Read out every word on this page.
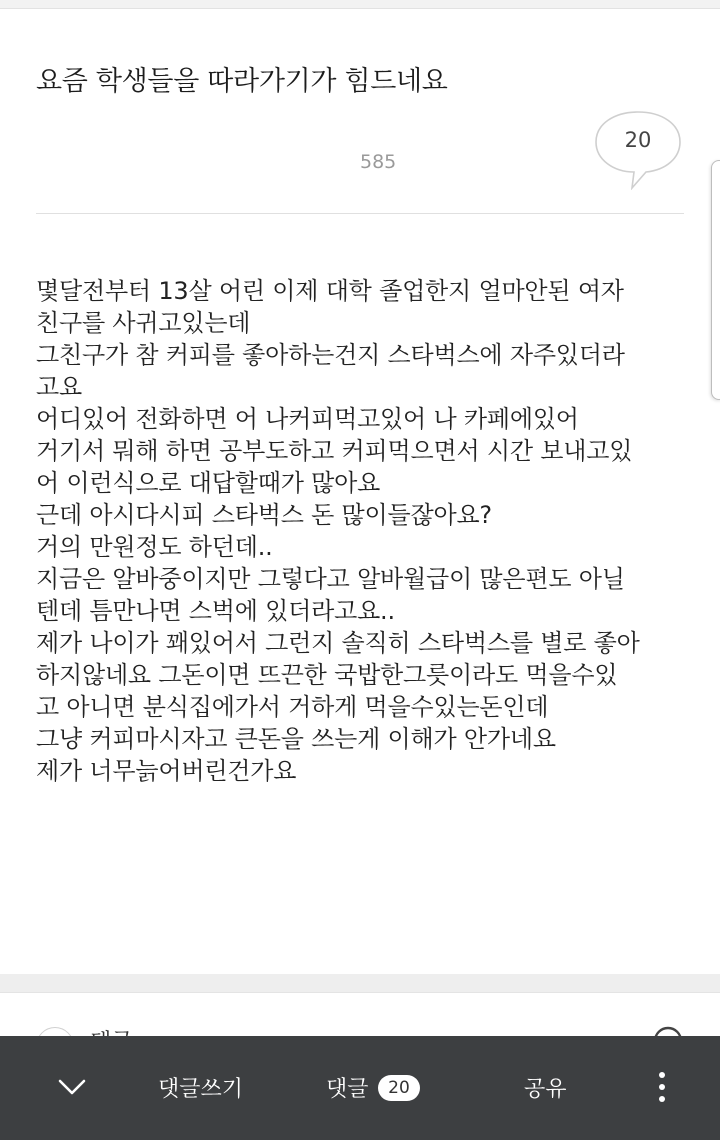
요즘 학생들을 따라가기가 힘드네요
585
20
몇달전부터 13살 어린 이제 대학 졸업한지 얼마안된 여자
친구를 사귀고있는데
그친구가 참 커피를 좋아하는건지 스타벅스에 자주있더라
고요
어디있어 전화하면 어 나커피먹고있어 나 카페에있어
거기서 뭐해 하면 공부도하고 커피먹으면서 시간 보내고있
어 이런식으로 대답할때가 많아요
근데 아시다시피 스타벅스 돈 많이들잖아요?
거의 만원정도 하던데..
지금은 알바중이지만 그렇다고 알바월급이 많은편도 아닐
텐데 틈만나면 스벅에 있더라고요..
제가 나이가 꽤있어서 그런지 솔직히 스타벅스를 별로 좋아
하지않네요 그돈이면 뜨끈한 국밥한그릇이라도 먹을수있
고 아니면 분식집에가서 거하게 먹을수있는돈인데
그냥 커피마시자고 큰돈을 쓰는게 이해가 안가네요
제가 너무늙어버린건가요
댓글쓰기	댓글	20	공유
